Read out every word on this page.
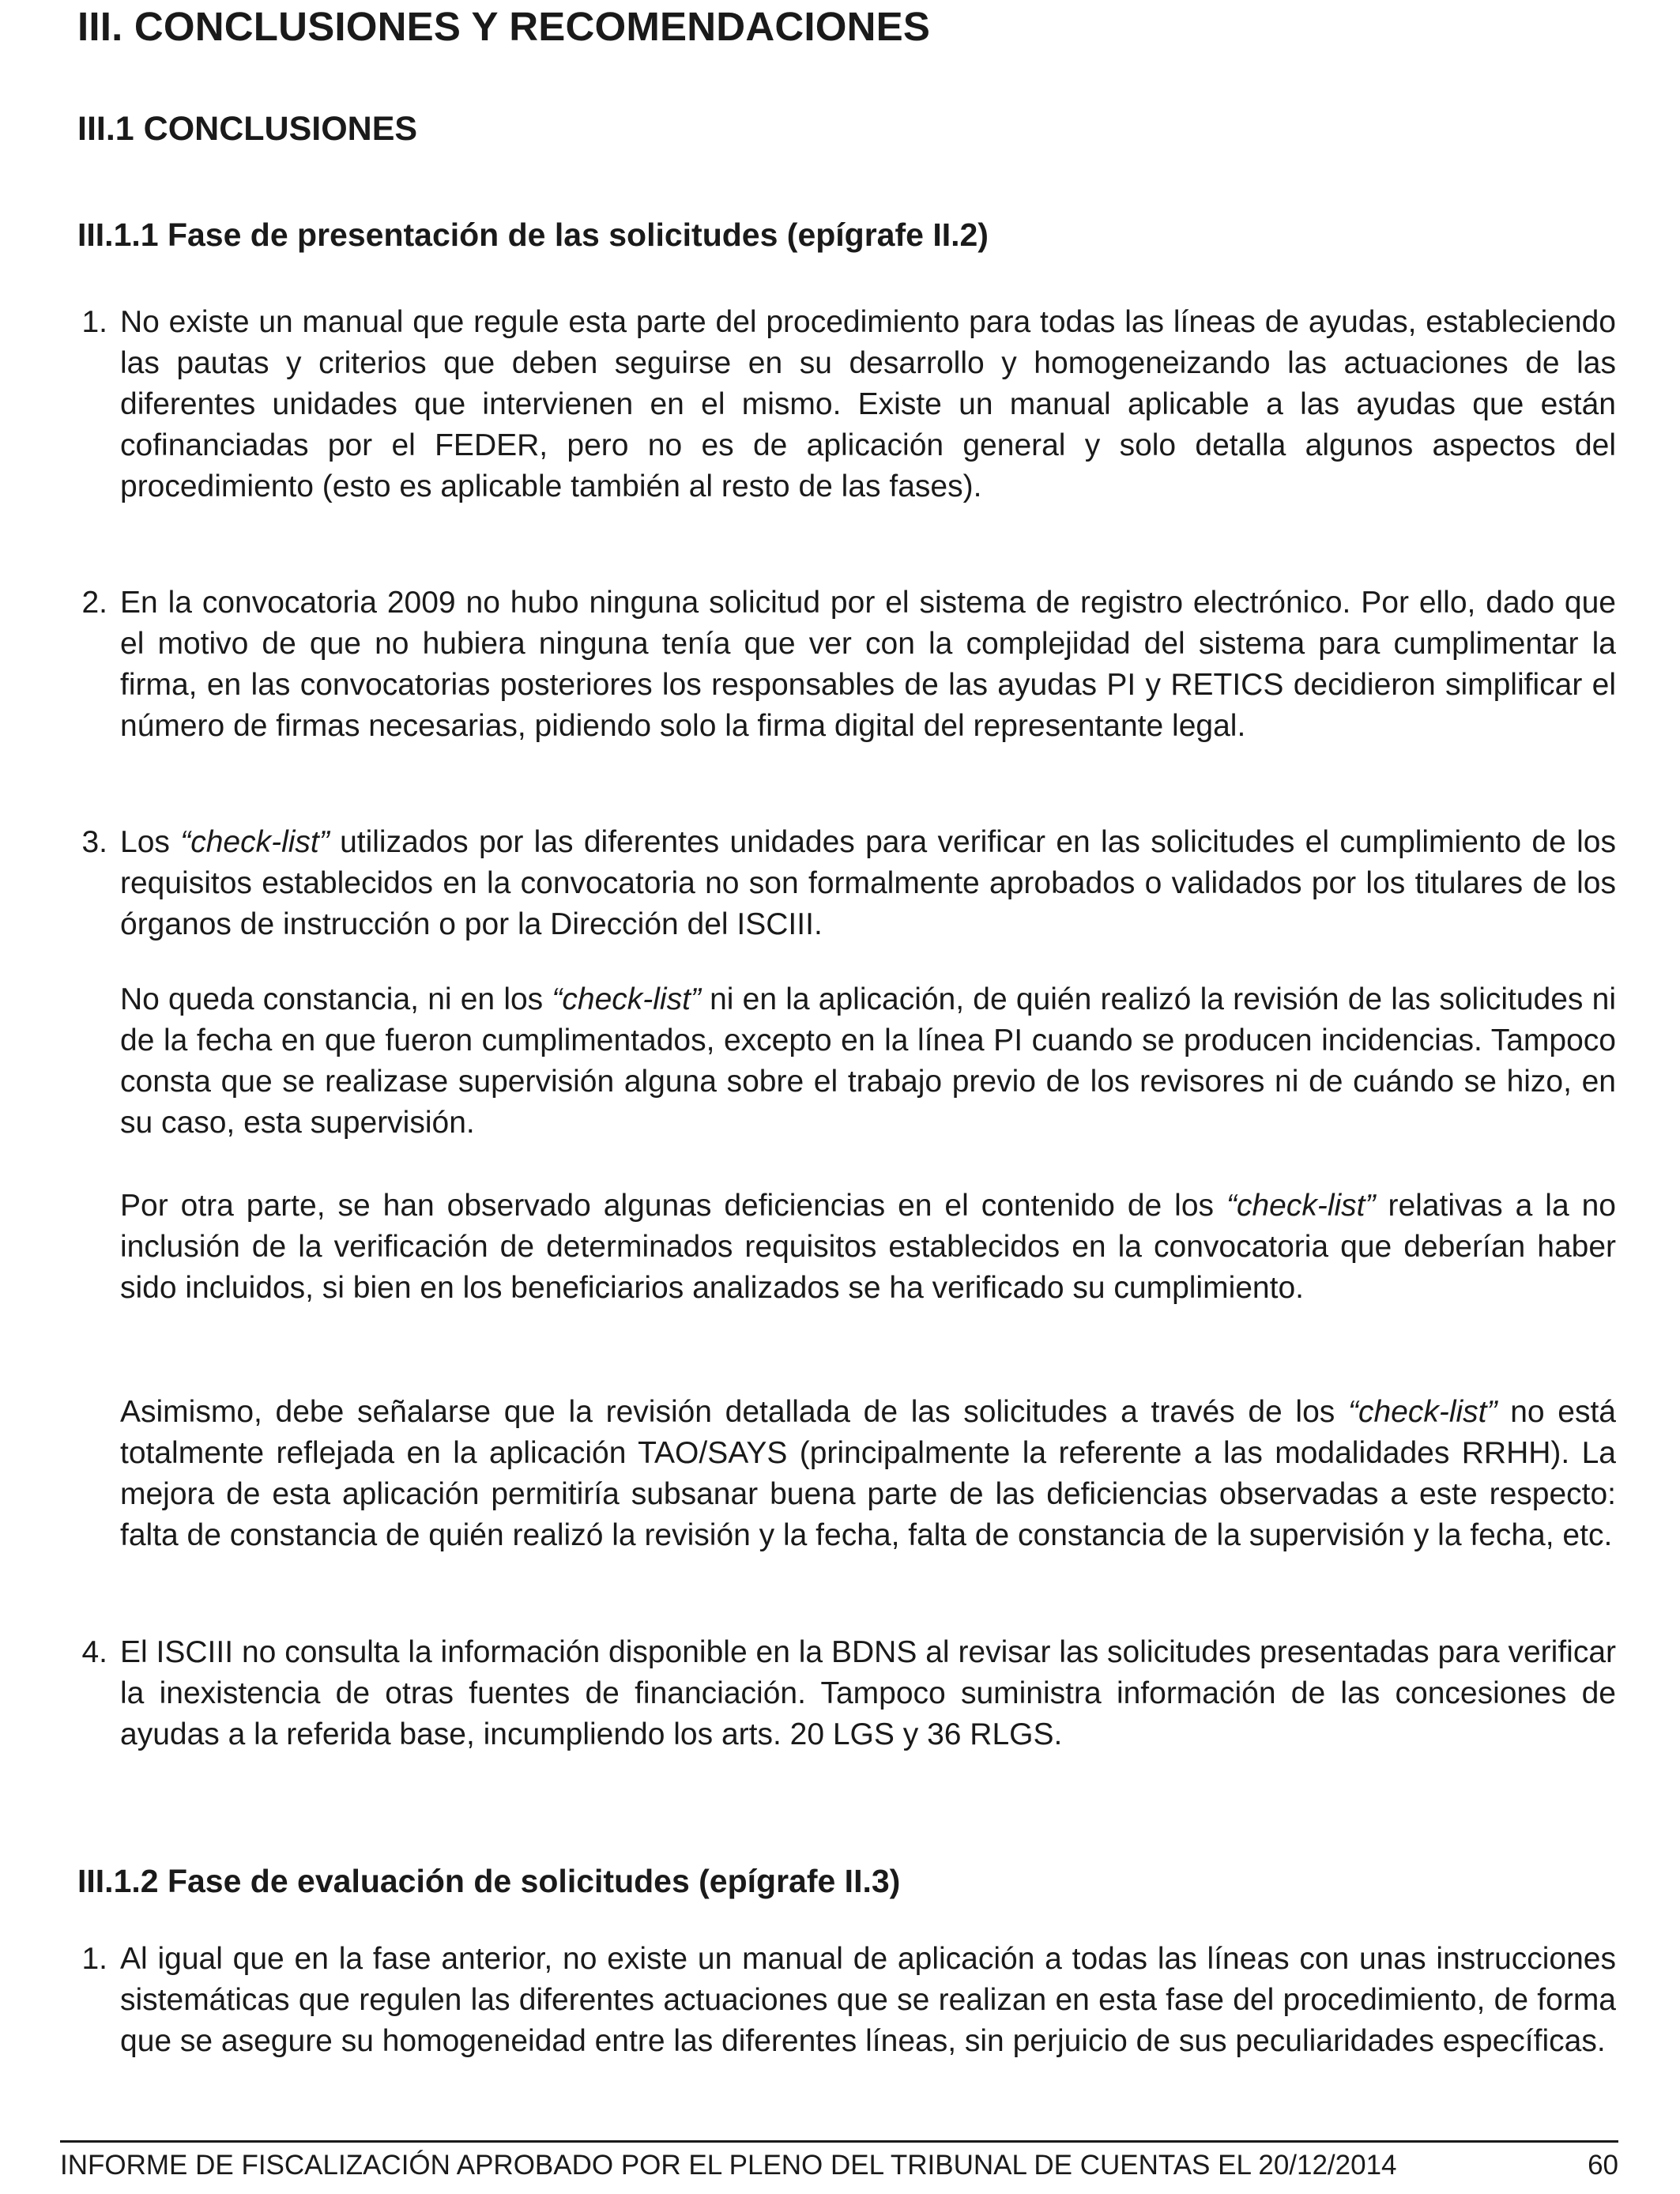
III. CONCLUSIONES Y RECOMENDACIONES
III.1 CONCLUSIONES
III.1.1 Fase de presentación de las solicitudes (epígrafe II.2)
1. No existe un manual que regule esta parte del procedimiento para todas las líneas de ayudas, estableciendo las pautas y criterios que deben seguirse en su desarrollo y homogeneizando las actuaciones de las diferentes unidades que intervienen en el mismo. Existe un manual aplicable a las ayudas que están cofinanciadas por el FEDER, pero no es de aplicación general y solo detalla algunos aspectos del procedimiento (esto es aplicable también al resto de las fases).

2. En la convocatoria 2009 no hubo ninguna solicitud por el sistema de registro electrónico. Por ello, dado que el motivo de que no hubiera ninguna tenía que ver con la complejidad del sistema para cumplimentar la firma, en las convocatorias posteriores los responsables de las ayudas PI y RETICS decidieron simplificar el número de firmas necesarias, pidiendo solo la firma digital del representante legal.

3. Los “check-list” utilizados por las diferentes unidades para verificar en las solicitudes el cumplimiento de los requisitos establecidos en la convocatoria no son formalmente aprobados o validados por los titulares de los órganos de instrucción o por la Dirección del ISCIII.

No queda constancia, ni en los “check-list” ni en la aplicación, de quién realizó la revisión de las solicitudes ni de la fecha en que fueron cumplimentados, excepto en la línea PI cuando se producen incidencias. Tampoco consta que se realizase supervisión alguna sobre el trabajo previo de los revisores ni de cuándo se hizo, en su caso, esta supervisión.

Por otra parte, se han observado algunas deficiencias en el contenido de los “check-list” relativas a la no inclusión de la verificación de determinados requisitos establecidos en la convocatoria que deberían haber sido incluidos, si bien en los beneficiarios analizados se ha verificado su cumplimiento.

Asimismo, debe señalarse que la revisión detallada de las solicitudes a través de los “check-list” no está totalmente reflejada en la aplicación TAO/SAYS (principalmente la referente a las modalidades RRHH). La mejora de esta aplicación permitiría subsanar buena parte de las deficiencias observadas a este respecto: falta de constancia de quién realizó la revisión y la fecha, falta de constancia de la supervisión y la fecha, etc.

4. El ISCIII no consulta la información disponible en la BDNS al revisar las solicitudes presentadas para verificar la inexistencia de otras fuentes de financiación. Tampoco suministra información de las concesiones de ayudas a la referida base, incumpliendo los arts. 20 LGS y 36 RLGS.

III.1.2 Fase de evaluación de solicitudes (epígrafe II.3)
1. Al igual que en la fase anterior, no existe un manual de aplicación a todas las líneas con unas instrucciones sistemáticas que regulen las diferentes actuaciones que se realizan en esta fase del procedimiento, de forma que se asegure su homogeneidad entre las diferentes líneas, sin perjuicio de sus peculiaridades específicas.

INFORME DE FISCALIZACIÓN APROBADO POR EL PLENO DEL TRIBUNAL DE CUENTAS EL 20/12/2014	60
